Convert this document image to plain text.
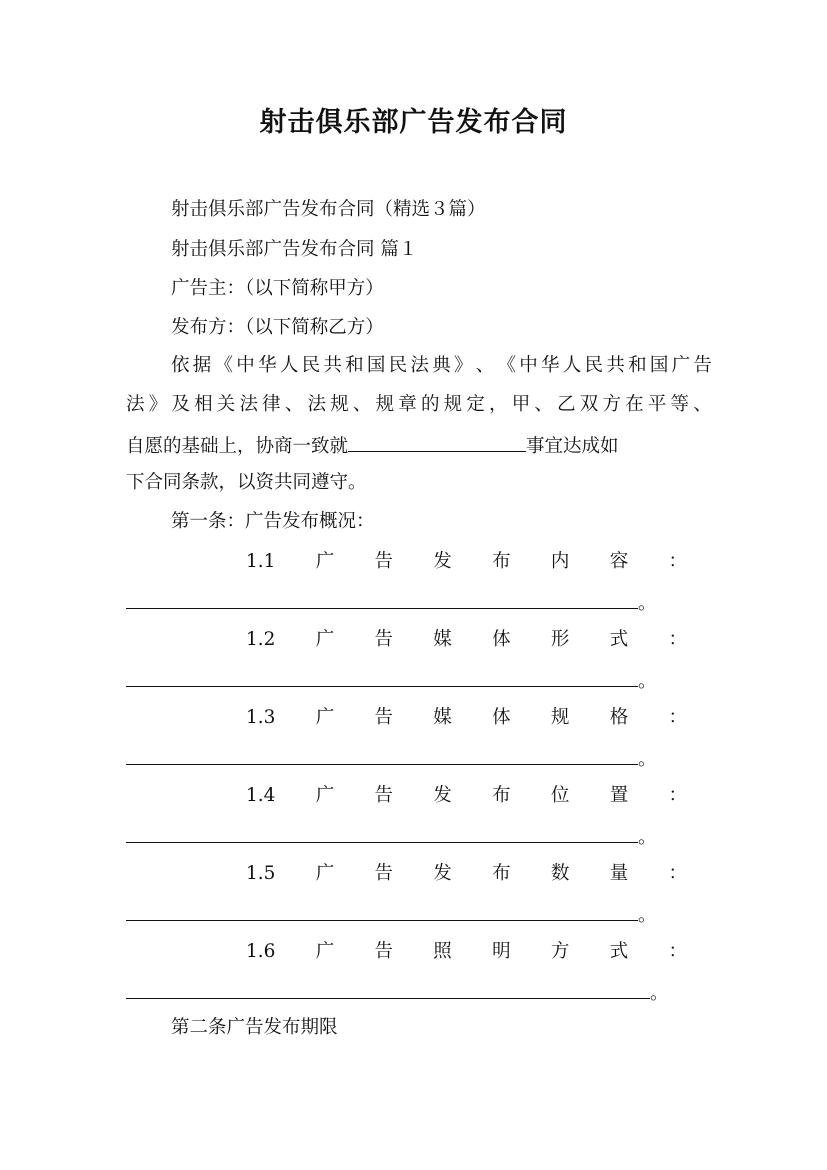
射击俱乐部广告发布合同
射击俱乐部广告发布合同（精选３篇）
射击俱乐部广告发布合同 篇１
广告主：（以下简称甲方）
发布方：（以下简称乙方）
依 据 《 中 华 人 民 共 和 国 民 法 典 》 、 《 中 华 人 民 共 和 国 广 告
法 》 及 相 关 法 律 、 法 规 、 规 章 的 规 定 ， 甲 、 乙 双 方 在 平 等 、
自愿的基础上，协商一致就	事宜达成如
下合同条款，以资共同遵守。
第一条：广告发布概况：
1.1 广 告 发 布 内 容 ：
。
1.2 广 告 媒 体 形 式 ：
。
1.3 广 告 媒 体 规 格 ：
。
1.4 广 告 发 布 位 置 ：
。
1.5 广 告 发 布 数 量 ：
。
1.6 广 告 照 明 方 式 ：
。
第二条广告发布期限
